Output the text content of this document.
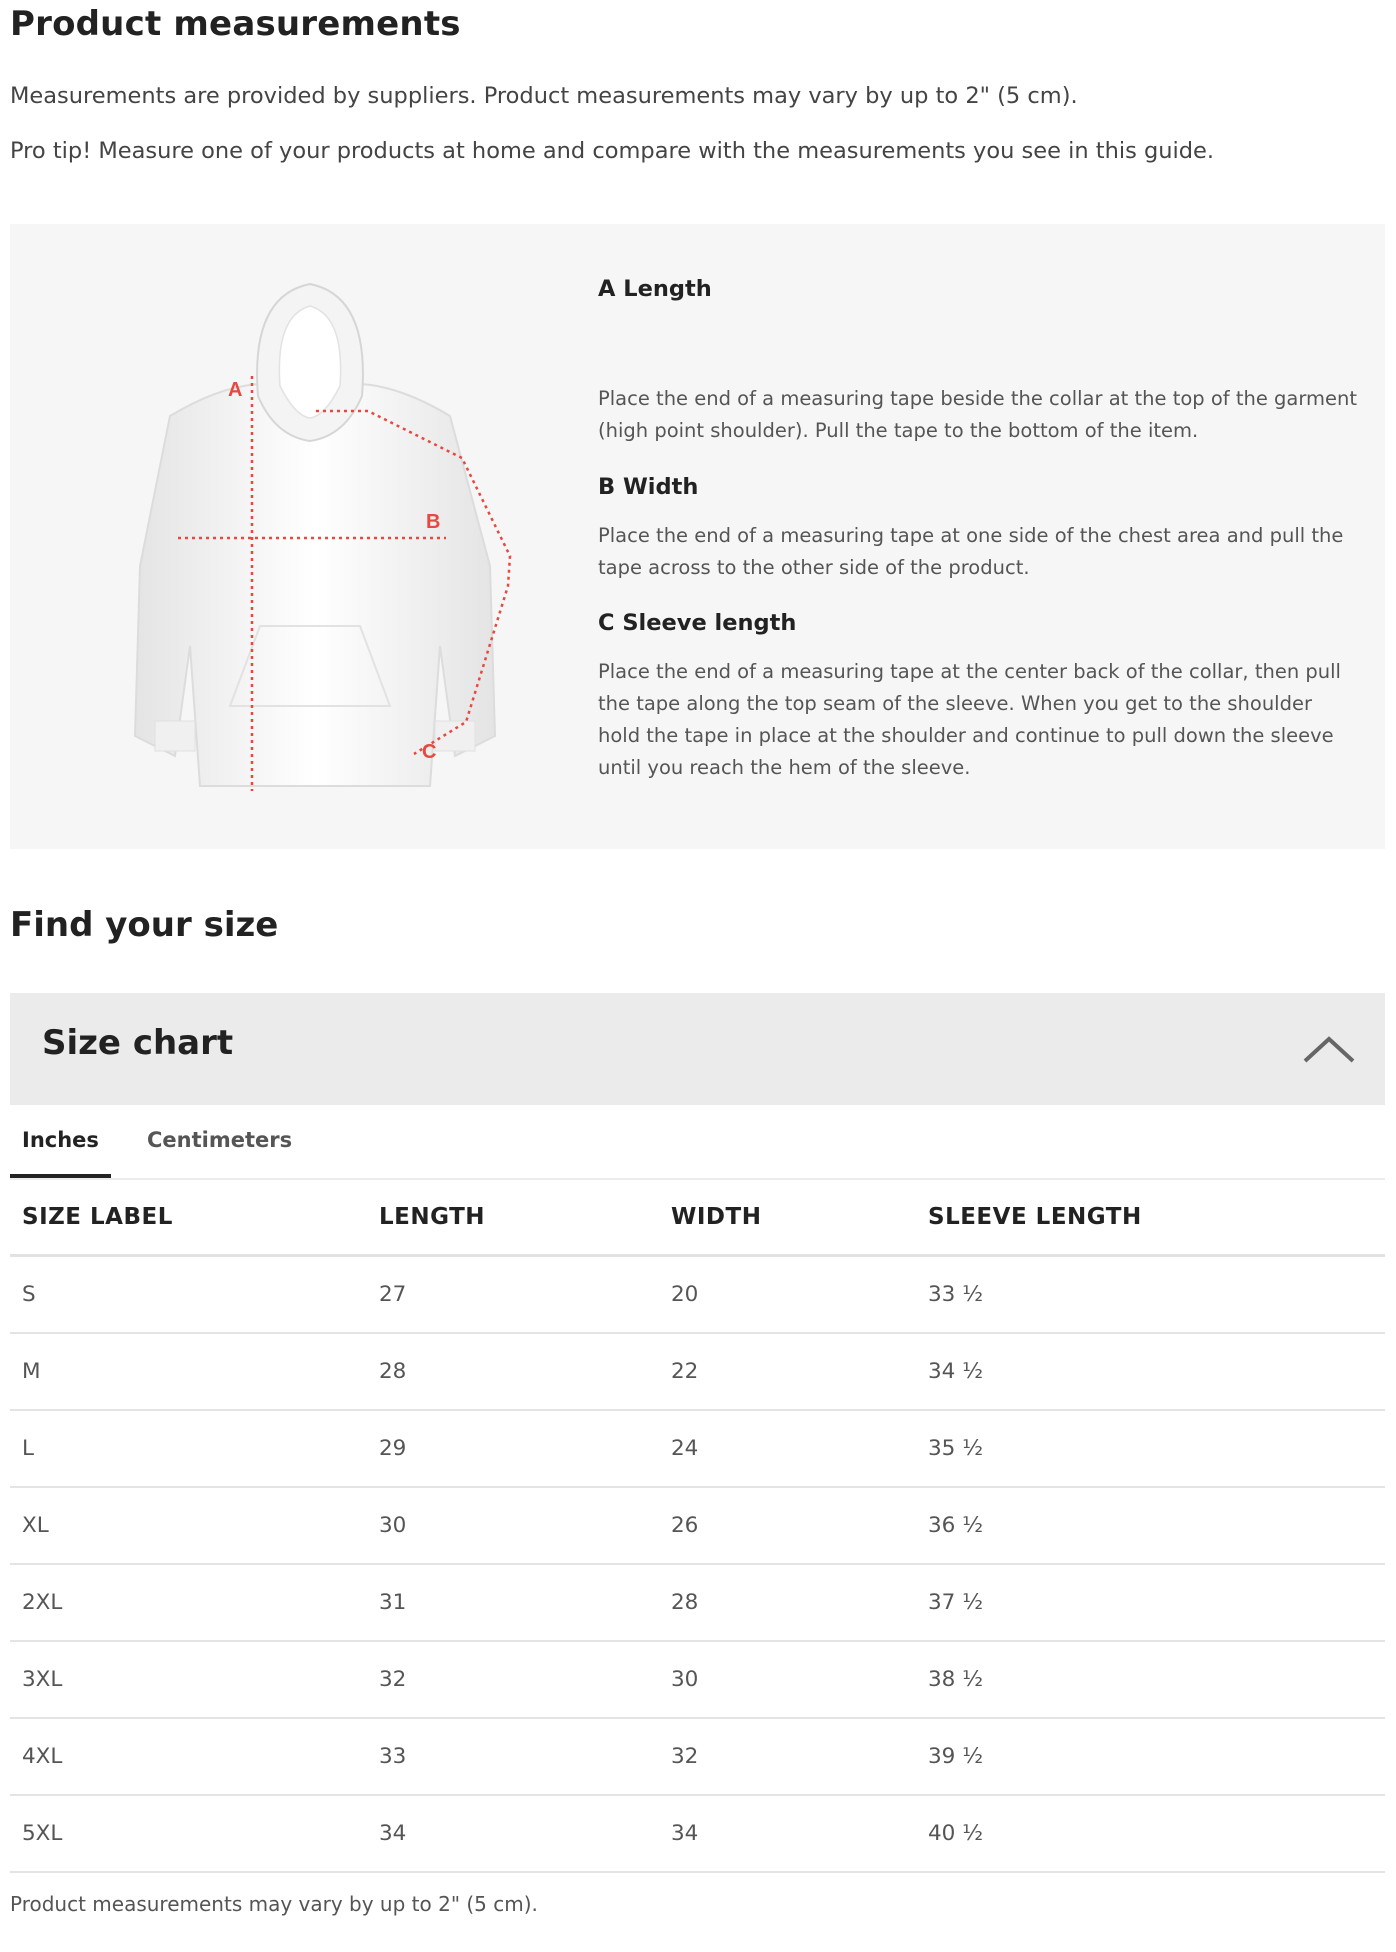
Product measurements

Measurements are provided by suppliers. Product measurements may vary by up to 2" (5 cm).

Pro tip! Measure one of your products at home and compare with the measurements you see in this guide.

A
B
C
A Length

Place the end of a measuring tape beside the collar at the top of the garment (high point shoulder). Pull the tape to the bottom of the item.

B Width

Place the end of a measuring tape at one side of the chest area and pull the tape across to the other side of the product.

C Sleeve length

Place the end of a measuring tape at the center back of the collar, then pull the tape along the top seam of the sleeve. When you get to the shoulder hold the tape in place at the shoulder and continue to pull down the sleeve until you reach the hem of the sleeve.

Find your size
Size chart
Inches	Centimeters
SIZE LABEL	LENGTH	WIDTH	SLEEVE LENGTH
S	27	20	33 ½
M	28	22	34 ½
L	29	24	35 ½
XL	30	26	36 ½
2XL	31	28	37 ½
3XL	32	30	38 ½
4XL	33	32	39 ½
5XL	34	34	40 ½

Product measurements may vary by up to 2" (5 cm).
